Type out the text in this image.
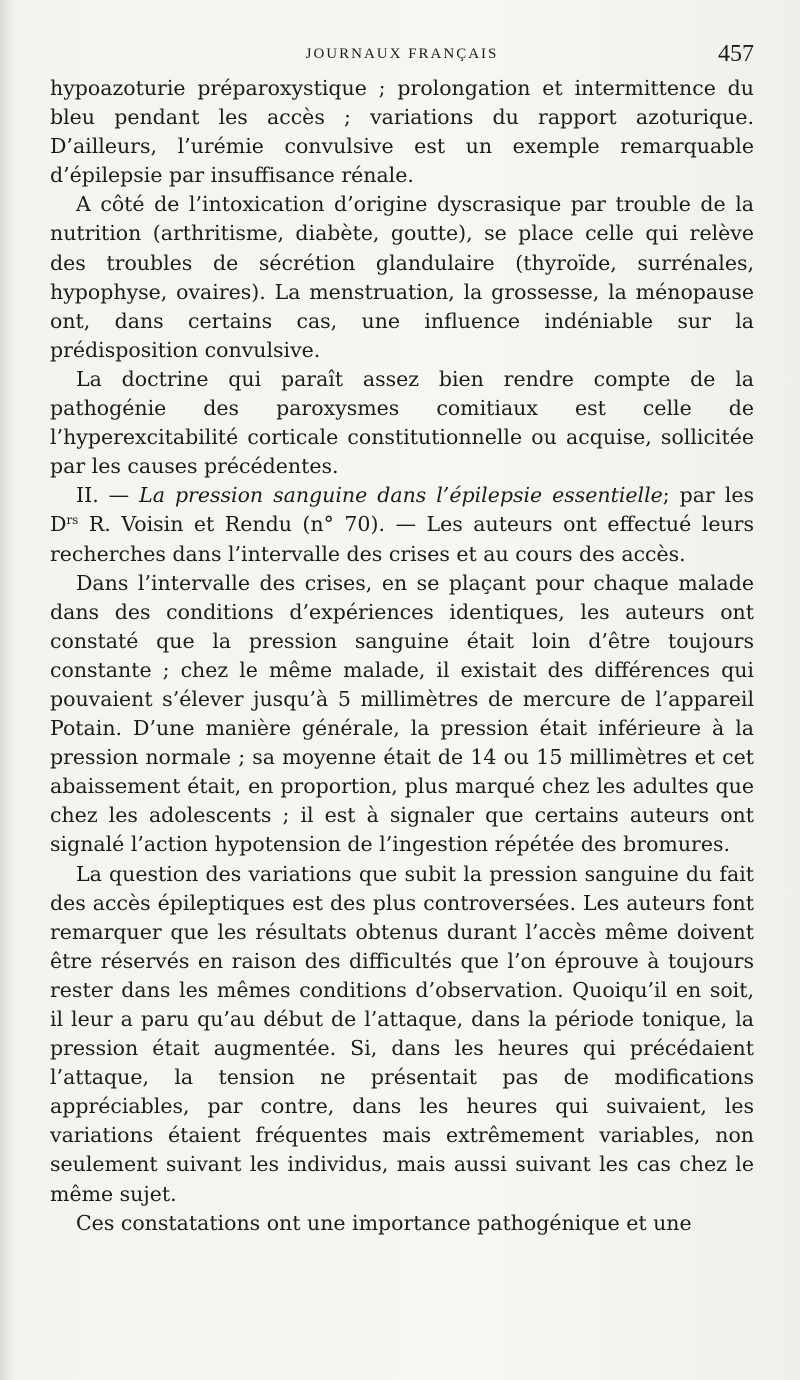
JOURNAUX FRANÇAIS	457

hypoazoturie préparoxystique ; prolongation et intermittence du bleu pendant les accès ; variations du rapport azoturique. D’ailleurs, l’urémie convulsive est un exemple remarquable d’épilepsie par insuffisance rénale.

A côté de l’intoxication d’origine dyscrasique par trouble de la nutrition (arthritisme, diabète, goutte), se place celle qui relève des troubles de sécrétion glandulaire (thyroïde, surrénales, hypophyse, ovaires). La menstruation, la grossesse, la ménopause ont, dans certains cas, une influence indéniable sur la prédisposition convulsive.

La doctrine qui paraît assez bien rendre compte de la pathogénie des paroxysmes comitiaux est celle de l’hyperexcitabilité corticale constitutionnelle ou acquise, sollicitée par les causes précédentes.

II. — La pression sanguine dans l’épilepsie essentielle; par les $D^{rs}$ R. Voisin et Rendu (n° 70). — Les auteurs ont effectué leurs recherches dans l’intervalle des crises et au cours des accès.

Dans l’intervalle des crises, en se plaçant pour chaque malade dans des conditions d’expériences identiques, les auteurs ont constaté que la pression sanguine était loin d’être toujours constante ; chez le même malade, il existait des différences qui pouvaient s’élever jusqu’à 5 millimètres de mercure de l’appareil Potain. D’une manière générale, la pression était inférieure à la pression normale ; sa moyenne était de 14 ou 15 millimètres et cet abaissement était, en proportion, plus marqué chez les adultes que chez les adolescents ; il est à signaler que certains auteurs ont signalé l’action hypotension de l’ingestion répétée des bromures.

La question des variations que subit la pression sanguine du fait des accès épileptiques est des plus controversées. Les auteurs font remarquer que les résultats obtenus durant l’accès même doivent être réservés en raison des difficultés que l’on éprouve à toujours rester dans les mêmes conditions d’observation. Quoiqu’il en soit, il leur a paru qu’au début de l’attaque, dans la période tonique, la pression était augmentée. Si, dans les heures qui précédaient l’attaque, la tension ne présentait pas de modifications appréciables, par contre, dans les heures qui suivaient, les variations étaient fréquentes mais extrêmement variables, non seulement suivant les individus, mais aussi suivant les cas chez le même sujet.

Ces constatations ont une importance pathogénique et une
